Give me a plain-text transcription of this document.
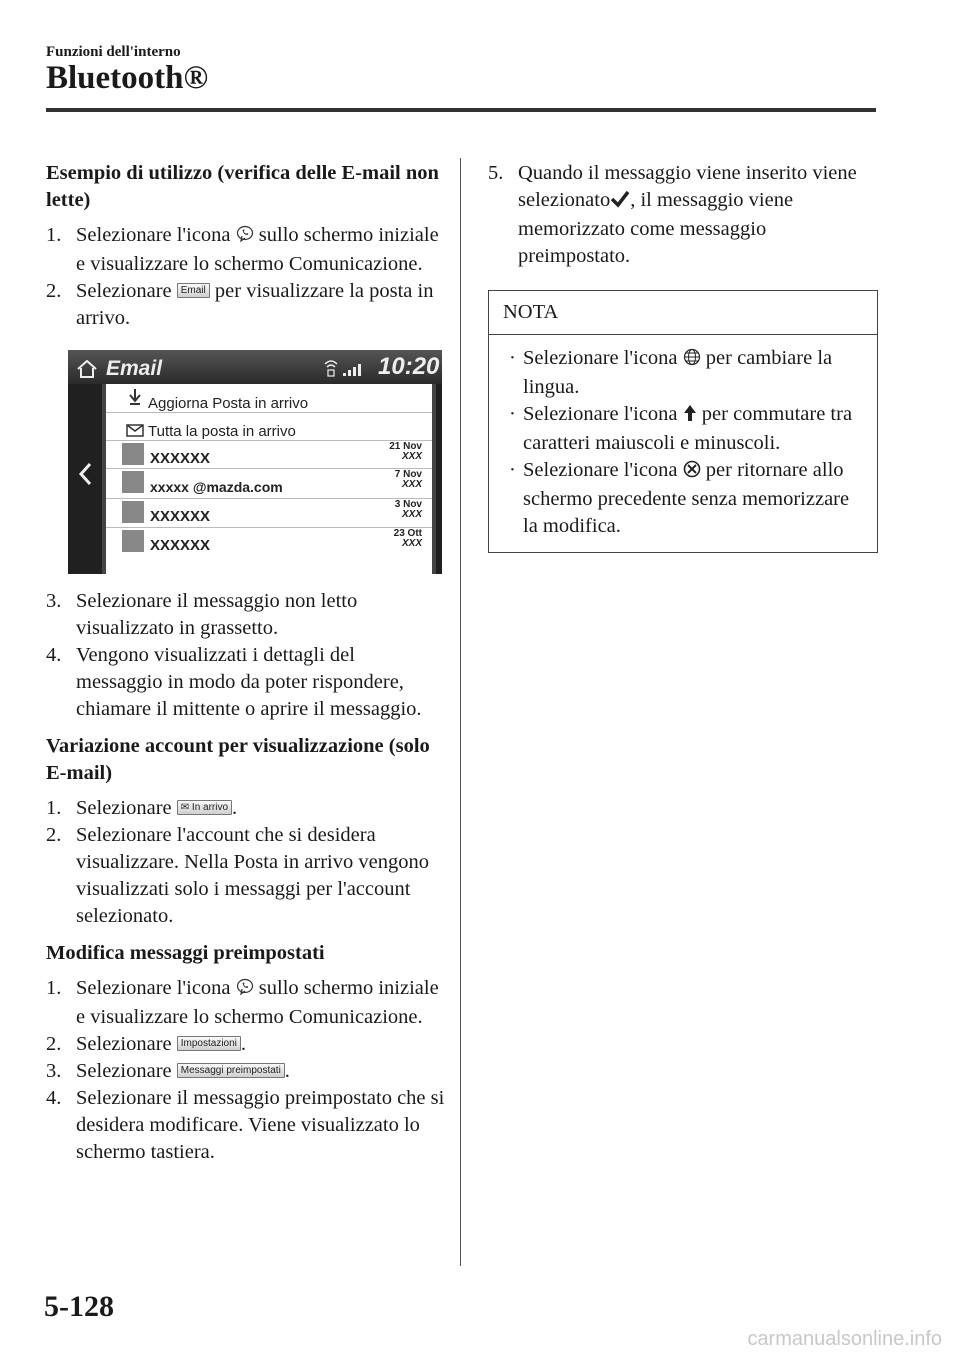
Funzioni dell'interno
Bluetooth®

Esempio di utilizzo (verifica delle E-mail non lette)

1. Selezionare l'icona sullo schermo iniziale e visualizzare lo schermo Comunicazione.

2. Selezionare Email per visualizzare la posta in arrivo.

Email	10:20
Aggiorna Posta in arrivo
Tutta la posta in arrivo
XXXXXX
21 Nov
XXX
xxxxx @mazda.com
7 Nov
XXX
XXXXXX
3 Nov
XXX
XXXXXX
23 Ott
XXX

3. Selezionare il messaggio non letto visualizzato in grassetto.

4. Vengono visualizzati i dettagli del messaggio in modo da poter rispondere, chiamare il mittente o aprire il messaggio.

Variazione account per visualizzazione (solo E-mail)

1. Selezionare ✉ In arrivo .

2. Selezionare l'account che si desidera visualizzare. Nella Posta in arrivo vengono visualizzati solo i messaggi per l'account selezionato.

Modifica messaggi preimpostati

1. Selezionare l'icona sullo schermo iniziale e visualizzare lo schermo Comunicazione.

2. Selezionare Impostazioni .

3. Selezionare Messaggi preimpostati .

4. Selezionare il messaggio preimpostato che si desidera modificare. Viene visualizzato lo schermo tastiera.

5. Quando il messaggio viene inserito viene selezionato , il messaggio viene memorizzato come messaggio preimpostato.

NOTA

· Selezionare l'icona per cambiare la lingua.

· Selezionare l'icona per commutare tra caratteri maiuscoli e minuscoli.

· Selezionare l'icona per ritornare allo schermo precedente senza memorizzare la modifica.

5-128
carmanualsonline.info
